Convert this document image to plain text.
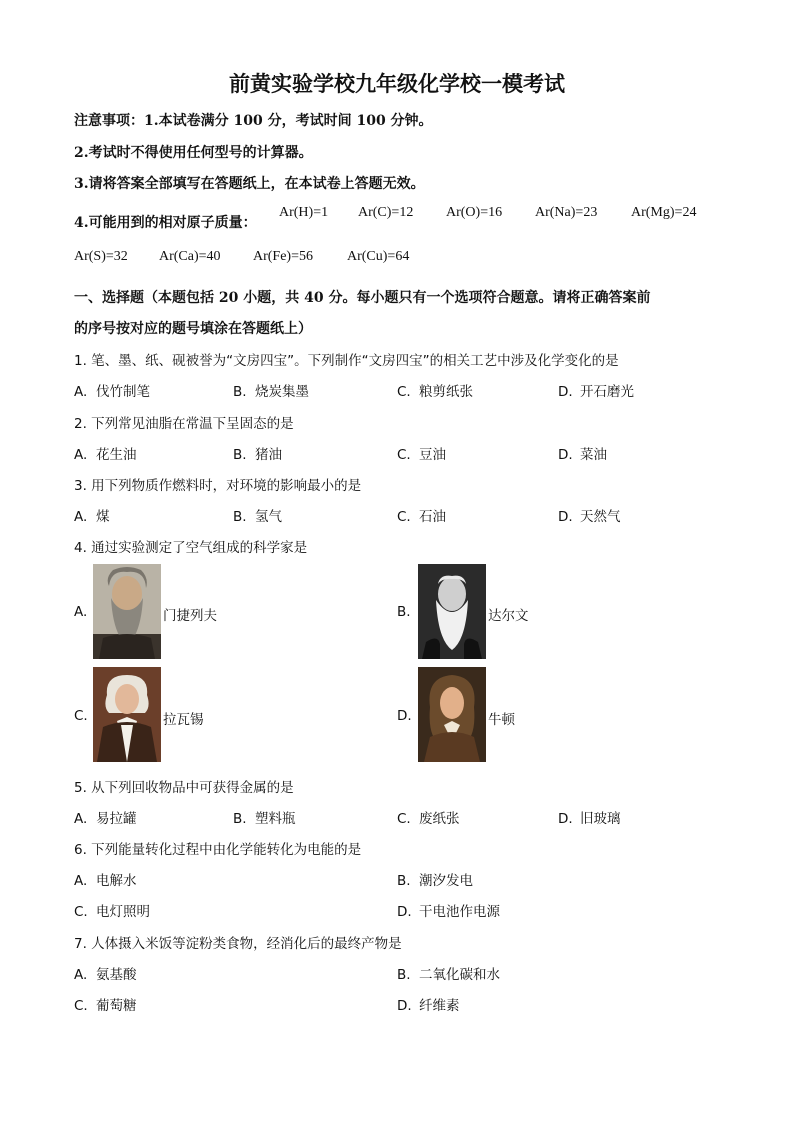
前黄实验学校九年级化学校一模考试
注意事项：1.本试卷满分 100 分，考试时间 100 分钟。
2.考试时不得使用任何型号的计算器。
3.请将答案全部填写在答题纸上，在本试卷上答题无效。
4.可能用到的相对原子质量：
Ar(H)=1 Ar(C)=12 Ar(O)=16 Ar(Na)=23 Ar(Mg)=24
Ar(S)=32 Ar(Ca)=40 Ar(Fe)=56 Ar(Cu)=64
一、选择题（本题包括 20 小题，共 40 分。每小题只有一个选项符合题意。请将正确答案前
的序号按对应的题号填涂在答题纸上）
1. 笔、墨、纸、砚被誉为“文房四宝”。下列制作“文房四宝”的相关工艺中涉及化学变化的是
A. 伐竹制笔	B. 烧炭集墨	C. 粮剪纸张	D. 开石磨光
2. 下列常见油脂在常温下呈固态的是
A. 花生油	B. 猪油	C. 豆油	D. 菜油
3. 用下列物质作燃料时，对环境的影响最小的是
A. 煤	B. 氢气	C. 石油	D. 天然气
4. 通过实验测定了空气组成的科学家是
A.	门捷列夫	B.	达尔文
C.	拉瓦锡	D.	牛顿
5. 从下列回收物品中可获得金属的是
A. 易拉罐	B. 塑料瓶	C. 废纸张	D. 旧玻璃
6. 下列能量转化过程中由化学能转化为电能的是
A. 电解水	B. 潮汐发电
C. 电灯照明	D. 干电池作电源
7. 人体摄入米饭等淀粉类食物，经消化后的最终产物是
A. 氨基酸	B. 二氧化碳和水
C. 葡萄糖	D. 纤维素
